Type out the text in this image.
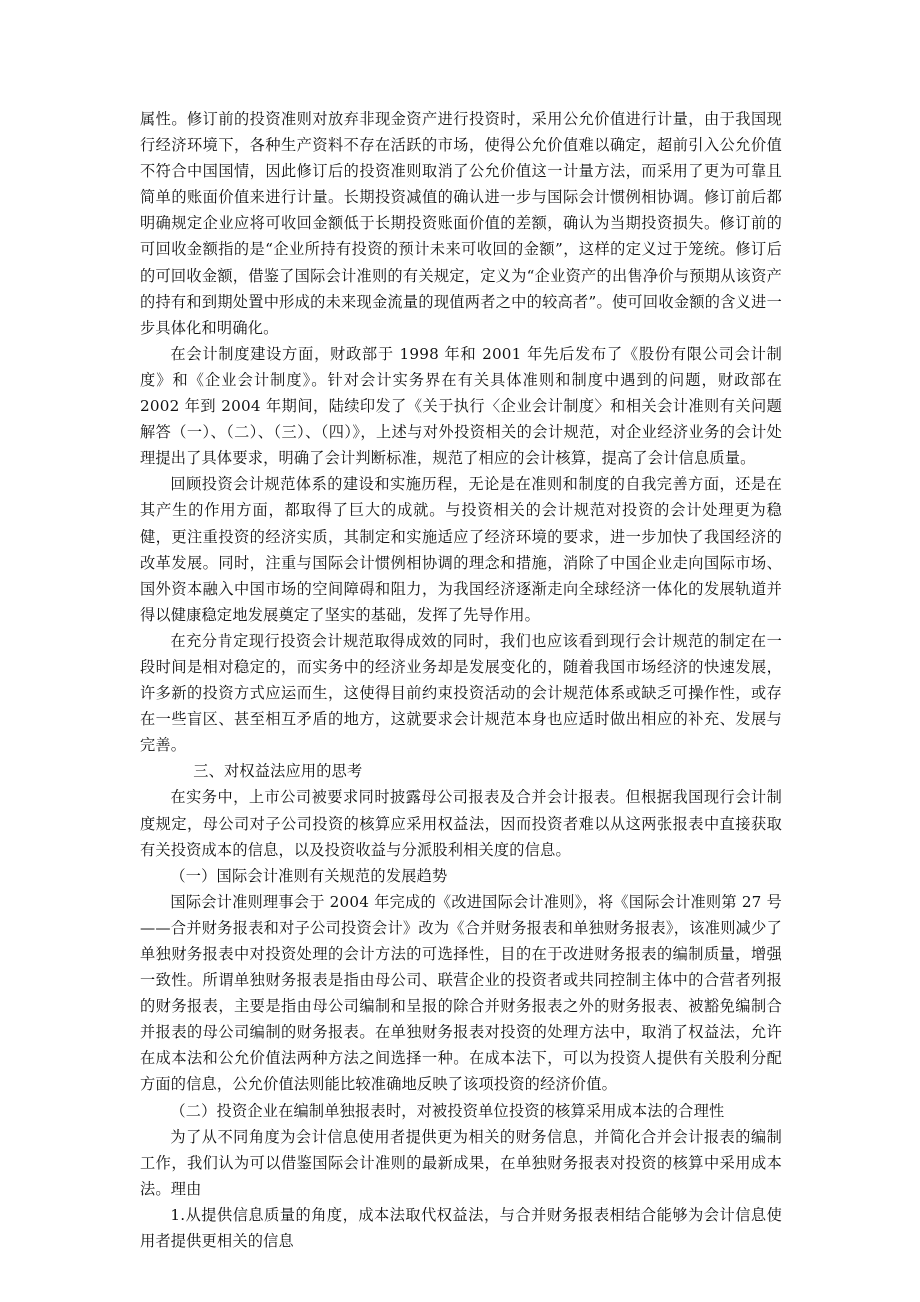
属性。修订前的投资准则对放弃非现金资产进行投资时，采用公允价值进行计量，由于我国现行经济环境下，各种生产资料不存在活跃的市场，使得公允价值难以确定，超前引入公允价值不符合中国国情，因此修订后的投资准则取消了公允价值这一计量方法，而采用了更为可靠且简单的账面价值来进行计量。长期投资减值的确认进一步与国际会计惯例相协调。修订前后都明确规定企业应将可收回金额低于长期投资账面价值的差额，确认为当期投资损失。修订前的可回收金额指的是“企业所持有投资的预计未来可收回的金额”，这样的定义过于笼统。修订后的可回收金额，借鉴了国际会计准则的有关规定，定义为“企业资产的出售净价与预期从该资产的持有和到期处置中形成的未来现金流量的现值两者之中的较高者”。使可回收金额的含义进一步具体化和明确化。

在会计制度建设方面，财政部于 1998 年和 2001 年先后发布了《股份有限公司会计制度》和《企业会计制度》。针对会计实务界在有关具体准则和制度中遇到的问题，财政部在 2002 年到 2004 年期间，陆续印发了《关于执行〈企业会计制度〉和相关会计准则有关问题解答（一）、（二）、（三）、（四）》，上述与对外投资相关的会计规范，对企业经济业务的会计处理提出了具体要求，明确了会计判断标准，规范了相应的会计核算，提高了会计信息质量。

回顾投资会计规范体系的建设和实施历程，无论是在准则和制度的自我完善方面，还是在其产生的作用方面，都取得了巨大的成就。与投资相关的会计规范对投资的会计处理更为稳健，更注重投资的经济实质，其制定和实施适应了经济环境的要求，进一步加快了我国经济的改革发展。同时，注重与国际会计惯例相协调的理念和措施，消除了中国企业走向国际市场、国外资本融入中国市场的空间障碍和阻力，为我国经济逐渐走向全球经济一体化的发展轨道并得以健康稳定地发展奠定了坚实的基础，发挥了先导作用。

在充分肯定现行投资会计规范取得成效的同时，我们也应该看到现行会计规范的制定在一段时间是相对稳定的，而实务中的经济业务却是发展变化的，随着我国市场经济的快速发展，许多新的投资方式应运而生，这使得目前约束投资活动的会计规范体系或缺乏可操作性，或存在一些盲区、甚至相互矛盾的地方，这就要求会计规范本身也应适时做出相应的补充、发展与完善。

三、对权益法应用的思考

在实务中，上市公司被要求同时披露母公司报表及合并会计报表。但根据我国现行会计制度规定，母公司对子公司投资的核算应采用权益法，因而投资者难以从这两张报表中直接获取有关投资成本的信息，以及投资收益与分派股利相关度的信息。

（一）国际会计准则有关规范的发展趋势

国际会计准则理事会于 2004 年完成的《改进国际会计准则》，将《国际会计准则第 27 号——合并财务报表和对子公司投资会计》改为《合并财务报表和单独财务报表》，该准则减少了单独财务报表中对投资处理的会计方法的可选择性，目的在于改进财务报表的编制质量，增强一致性。所谓单独财务报表是指由母公司、联营企业的投资者或共同控制主体中的合营者列报的财务报表，主要是指由母公司编制和呈报的除合并财务报表之外的财务报表、被豁免编制合并报表的母公司编制的财务报表。在单独财务报表对投资的处理方法中，取消了权益法，允许在成本法和公允价值法两种方法之间选择一种。在成本法下，可以为投资人提供有关股利分配方面的信息，公允价值法则能比较准确地反映了该项投资的经济价值。

（二）投资企业在编制单独报表时，对被投资单位投资的核算采用成本法的合理性

为了从不同角度为会计信息使用者提供更为相关的财务信息，并简化合并会计报表的编制工作，我们认为可以借鉴国际会计准则的最新成果，在单独财务报表对投资的核算中采用成本法。理由

1.从提供信息质量的角度，成本法取代权益法，与合并财务报表相结合能够为会计信息使用者提供更相关的信息
